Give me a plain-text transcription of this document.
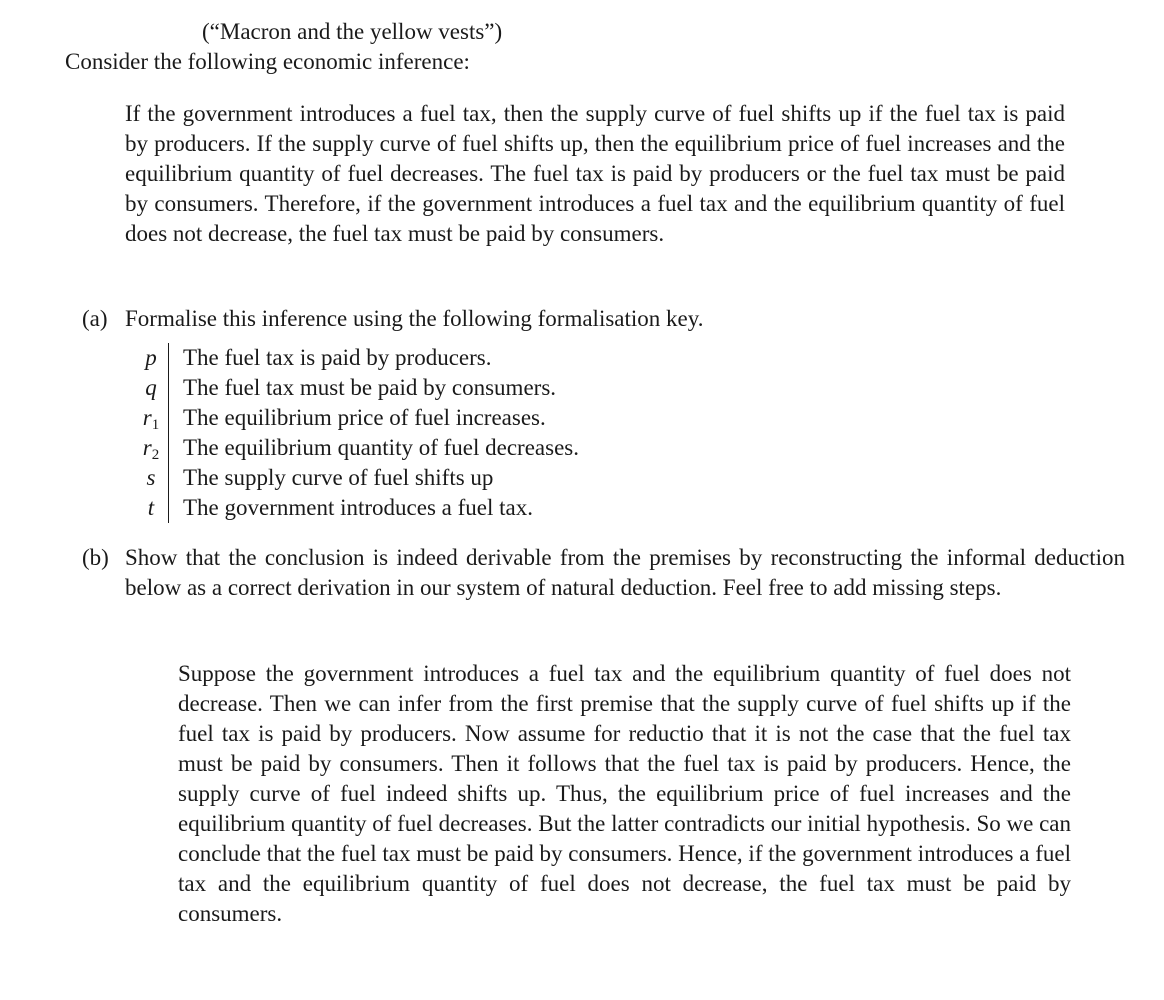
(“Macron and the yellow vests”)
Consider the following economic inference:

If the government introduces a fuel tax, then the supply curve of fuel shifts up if the fuel tax is paid by producers. If the supply curve of fuel shifts up, then the equilibrium price of fuel increases and the equilibrium quantity of fuel decreases. The fuel tax is paid by producers or the fuel tax must be paid by consumers. Therefore, if the government introduces a fuel tax and the equilibrium quantity of fuel does not decrease, the fuel tax must be paid by consumers.

(a) Formalise this inference using the following formalisation key.
p	The fuel tax is paid by producers.
q	The fuel tax must be paid by consumers.
$r_1$	The equilibrium price of fuel increases.
$r_2$	The equilibrium quantity of fuel decreases.
s	The supply curve of fuel shifts up
t	The government introduces a fuel tax.
(b) Show that the conclusion is indeed derivable from the premises by reconstructing the informal deduction below as a correct derivation in our system of natural deduction. Feel free to add missing steps.

Suppose the government introduces a fuel tax and the equilibrium quantity of fuel does not decrease. Then we can infer from the first premise that the supply curve of fuel shifts up if the fuel tax is paid by producers. Now assume for reductio that it is not the case that the fuel tax must be paid by consumers. Then it follows that the fuel tax is paid by producers. Hence, the supply curve of fuel indeed shifts up. Thus, the equilibrium price of fuel increases and the equilibrium quantity of fuel decreases. But the latter contradicts our initial hypothesis. So we can conclude that the fuel tax must be paid by consumers. Hence, if the government introduces a fuel tax and the equilibrium quantity of fuel does not decrease, the fuel tax must be paid by consumers.
